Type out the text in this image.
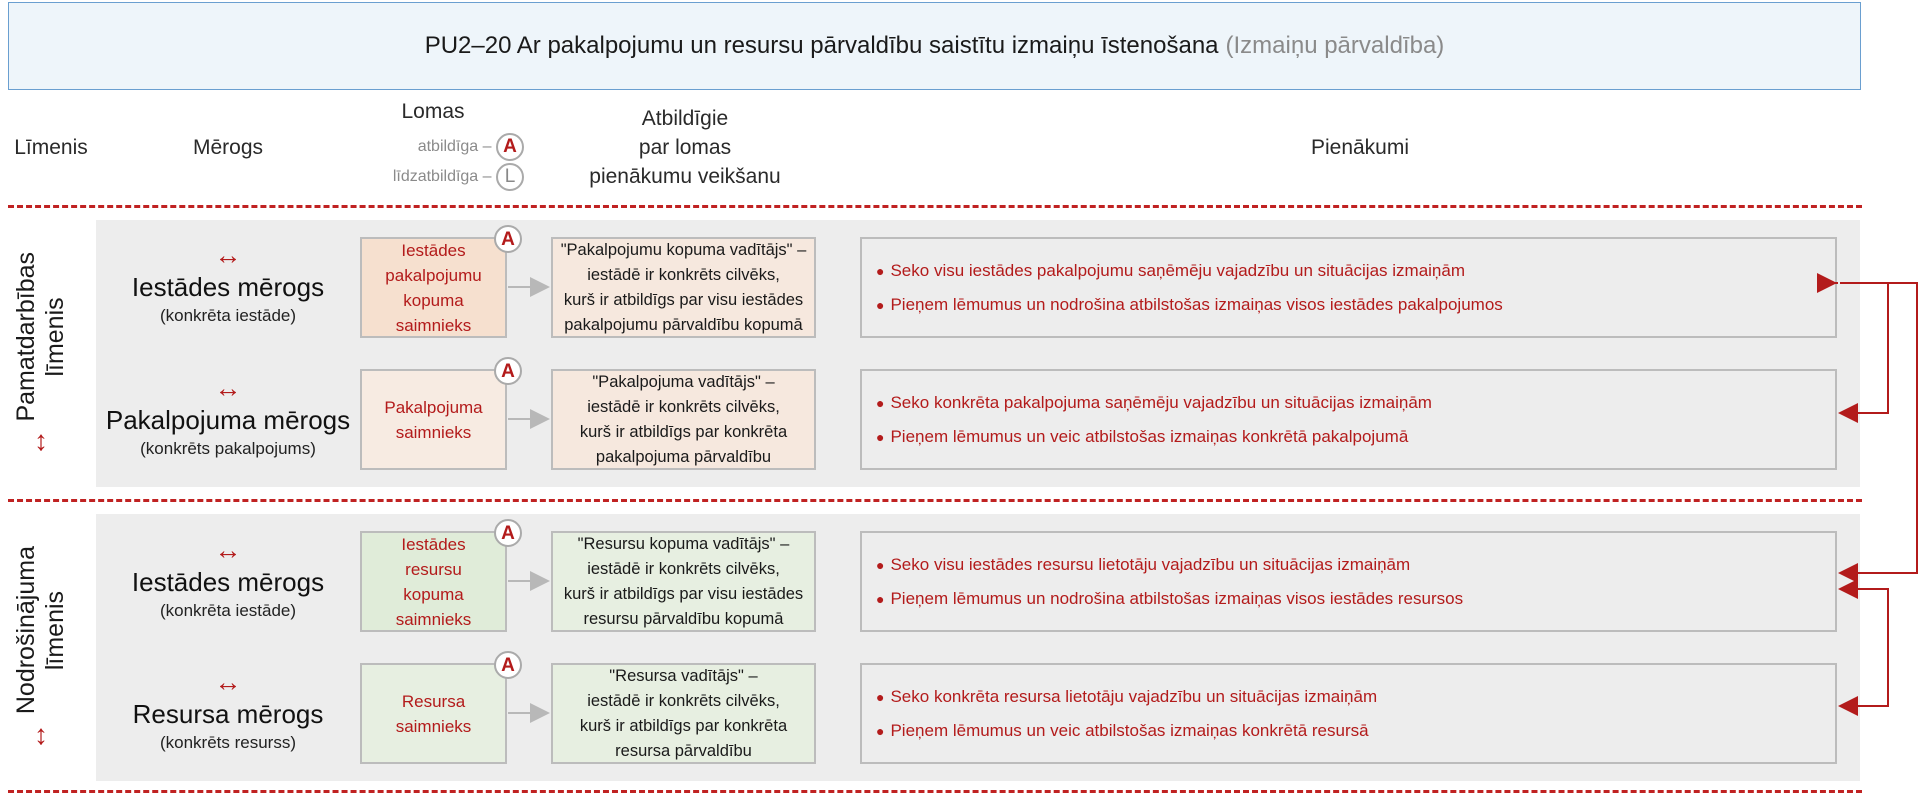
PU2–20 Ar pakalpojumu un resursu pārvaldību saistītu izmaiņu īstenošana (Izmaiņu pārvaldība)
Līmenis	Mērogs
Lomas
atbildīga – A
līdzatbildīga – L
Atbildīgie
par lomas
pienākumu veikšanu
Pienākumi
Pamatdarbības līmenis
↕
Nodrošinājuma līmenis
↕
↔
Iestādes mērogs
(konkrēta iestāde)
A
Iestādes
pakalpojumu
kopuma
saimnieks
"Pakalpojumu kopuma vadītājs" –
iestādē ir konkrēts cilvēks,
kurš ir atbildīgs par visu iestādes
pakalpojumu pārvaldību kopumā
● Seko visu iestādes pakalpojumu saņēmēju vajadzību un situācijas izmaiņām
● Pieņem lēmumus un nodrošina atbilstošas izmaiņas visos iestādes pakalpojumos
↔
Pakalpojuma mērogs
(konkrēts pakalpojums)
A
Pakalpojuma
saimnieks
"Pakalpojuma vadītājs" –
iestādē ir konkrēts cilvēks,
kurš ir atbildīgs par konkrēta
pakalpojuma pārvaldību
● Seko konkrēta pakalpojuma saņēmēju vajadzību un situācijas izmaiņām
● Pieņem lēmumus un veic atbilstošas izmaiņas konkrētā pakalpojumā
↔
Iestādes mērogs
(konkrēta iestāde)
A
Iestādes
resursu
kopuma
saimnieks
"Resursu kopuma vadītājs" –
iestādē ir konkrēts cilvēks,
kurš ir atbildīgs par visu iestādes
resursu pārvaldību kopumā
● Seko visu iestādes resursu lietotāju vajadzību un situācijas izmaiņām
● Pieņem lēmumus un nodrošina atbilstošas izmaiņas visos iestādes resursos
↔
Resursa mērogs
(konkrēts resurss)
A
Resursa
saimnieks
"Resursa vadītājs" –
iestādē ir konkrēts cilvēks,
kurš ir atbildīgs par konkrēta
resursa pārvaldību
● Seko konkrēta resursa lietotāju vajadzību un situācijas izmaiņām
● Pieņem lēmumus un veic atbilstošas izmaiņas konkrētā resursā
